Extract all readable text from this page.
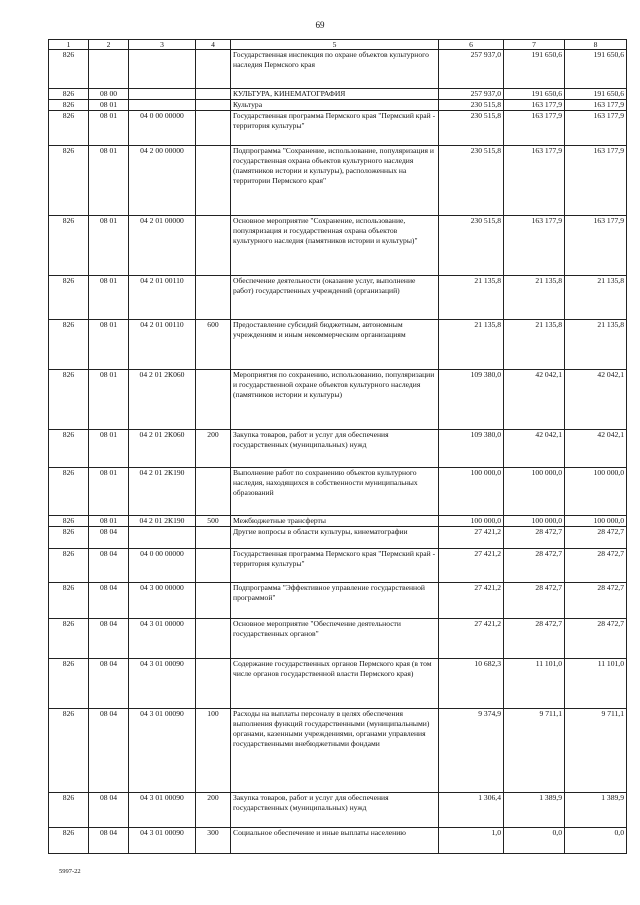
69
1	2	3	4	5	6	7	8
826				Государственная инспекция по охране объектов культурного наследия Пермского края	257 937,0	191 650,6	191 650,6
826	08 00			КУЛЬТУРА, КИНЕМАТОГРАФИЯ	257 937,0	191 650,6	191 650,6
826	08 01			Культура	230 515,8	163 177,9	163 177,9
826	08 01	04 0 00 00000		Государственная программа Пермского края "Пермский край - территория культуры"	230 515,8	163 177,9	163 177,9
826	08 01	04 2 00 00000		Подпрограмма "Сохранение, использование, популяризация и государственная охрана объектов культурного наследия (памятников истории и культуры), расположенных на территории Пермского края"	230 515,8	163 177,9	163 177,9
826	08 01	04 2 01 00000		Основное мероприятие "Сохранение, использование, популяризация и государственная охрана объектов культурного наследия (памятников истории и культуры)"	230 515,8	163 177,9	163 177,9
826	08 01	04 2 01 00110		Обеспечение деятельности (оказание услуг, выполнение работ) государственных учреждений (организаций)	21 135,8	21 135,8	21 135,8
826	08 01	04 2 01 00110	600	Предоставление субсидий бюджетным, автономным учреждениям и иным некоммерческим организациям	21 135,8	21 135,8	21 135,8
826	08 01	04 2 01 2К060		Мероприятия по сохранению, использованию, популяризации и государственной охране объектов культурного наследия (памятников истории и культуры)	109 380,0	42 042,1	42 042,1
826	08 01	04 2 01 2К060	200	Закупка товаров, работ и услуг для обеспечения государственных (муниципальных) нужд	109 380,0	42 042,1	42 042,1
826	08 01	04 2 01 2К190		Выполнение работ по сохранению объектов культурного наследия, находящихся в собственности муниципальных образований	100 000,0	100 000,0	100 000,0
826	08 01	04 2 01 2К190	500	Межбюджетные трансферты	100 000,0	100 000,0	100 000,0
826	08 04			Другие вопросы в области культуры, кинематографии	27 421,2	28 472,7	28 472,7
826	08 04	04 0 00 00000		Государственная программа Пермского края "Пермский край - территория культуры"	27 421,2	28 472,7	28 472,7
826	08 04	04 3 00 00000		Подпрограмма "Эффективное управление государственной программой"	27 421,2	28 472,7	28 472,7
826	08 04	04 3 01 00000		Основное мероприятие "Обеспечение деятельности государственных органов"	27 421,2	28 472,7	28 472,7
826	08 04	04 3 01 00090		Содержание государственных органов Пермского края (в том числе органов государственной власти Пермского края)	10 682,3	11 101,0	11 101,0
826	08 04	04 3 01 00090	100	Расходы на выплаты персоналу в целях обеспечения выполнения функций государственными (муниципальными) органами, казенными учреждениями, органами управления государственными внебюджетными фондами	9 374,9	9 711,1	9 711,1
826	08 04	04 3 01 00090	200	Закупка товаров, работ и услуг для обеспечения государственных (муниципальных) нужд	1 306,4	1 389,9	1 389,9
826	08 04	04 3 01 00090	300	Социальное обеспечение и иные выплаты населению	1,0	0,0	0,0
5997-22
